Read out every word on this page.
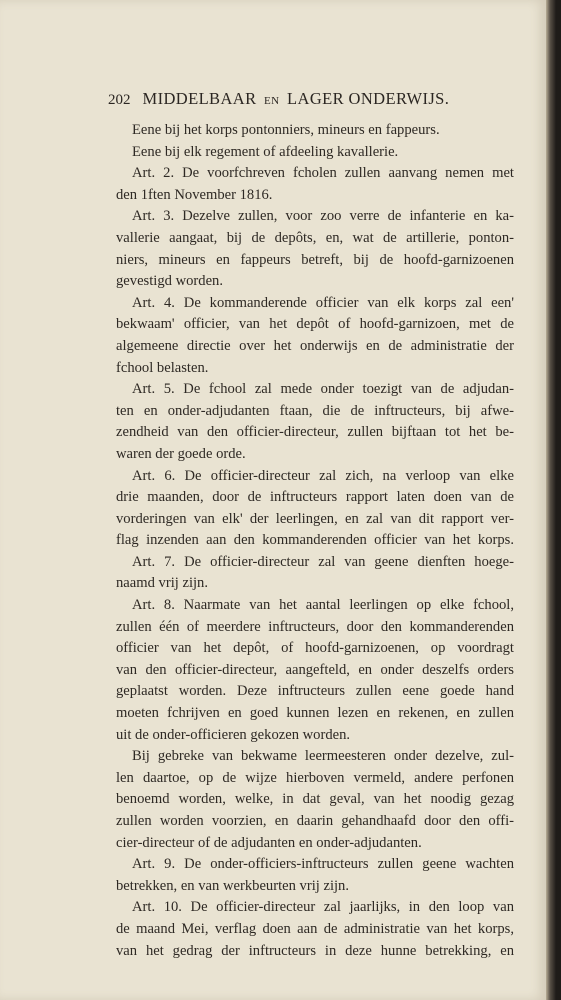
202 MIDDELBAAR EN LAGER ONDERWIJS.
Eene bij het korps pontonniers, mineurs en fappeurs.
Eene bij elk regement of afdeeling kavallerie.
Art. 2. De voorfchreven fcholen zullen aanvang nemen met
den 1ften November 1816.
Art. 3. Dezelve zullen, voor zoo verre de infanterie en ka-
vallerie aangaat, bij de depôts, en, wat de artillerie, ponton-
niers, mineurs en fappeurs betreft, bij de hoofd-garnizoenen
gevestigd worden.
Art. 4. De kommanderende officier van elk korps zal een'
bekwaam' officier, van het depôt of hoofd-garnizoen, met de
algemeene directie over het onderwijs en de administratie der
fchool belasten.
Art. 5. De fchool zal mede onder toezigt van de adjudan-
ten en onder-adjudanten ftaan, die de inftructeurs, bij afwe-
zendheid van den officier-directeur, zullen bijftaan tot het be-
waren der goede orde.
Art. 6. De officier-directeur zal zich, na verloop van elke
drie maanden, door de inftructeurs rapport laten doen van de
vorderingen van elk' der leerlingen, en zal van dit rapport ver-
flag inzenden aan den kommanderenden officier van het korps.
Art. 7. De officier-directeur zal van geene dienften hoege-
naamd vrij zijn.
Art. 8. Naarmate van het aantal leerlingen op elke fchool,
zullen één of meerdere inftructeurs, door den kommanderenden
officier van het depôt, of hoofd-garnizoenen, op voordragt
van den officier-directeur, aangefteld, en onder deszelfs orders
geplaatst worden. Deze inftructeurs zullen eene goede hand
moeten fchrijven en goed kunnen lezen en rekenen, en zullen
uit de onder-officieren gekozen worden.
Bij gebreke van bekwame leermeesteren onder dezelve, zul-
len daartoe, op de wijze hierboven vermeld, andere perfonen
benoemd worden, welke, in dat geval, van het noodig gezag
zullen worden voorzien, en daarin gehandhaafd door den offi-
cier-directeur of de adjudanten en onder-adjudanten.
Art. 9. De onder-officiers-inftructeurs zullen geene wachten
betrekken, en van werkbeurten vrij zijn.
Art. 10. De officier-directeur zal jaarlijks, in den loop van
de maand Mei, verflag doen aan de administratie van het korps,
van het gedrag der inftructeurs in deze hunne betrekking, en
